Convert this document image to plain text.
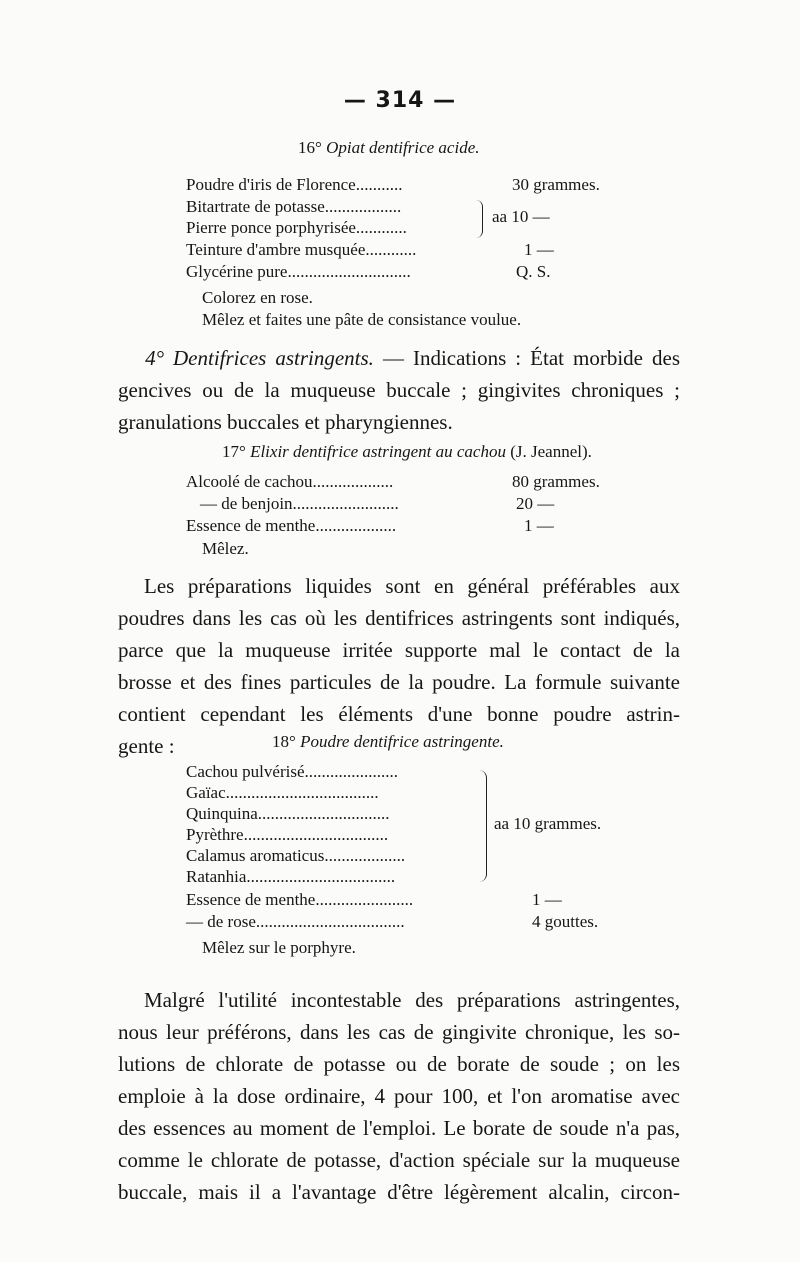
— 314 —
16° Opiat dentifrice acide.
Poudre d'iris de Florence...........	30 grammes.
Bitartrate de potasse..................
Pierre ponce porphyrisée............
aa 10 —
Teinture d'ambre musquée............	1 —
Glycérine pure.............................	Q. S.
Colorez en rose.
Mêlez et faites une pâte de consistance voulue.
4° Dentifrices astringents. — Indications : État morbide des
gencives ou de la muqueuse buccale ; gingivites chroniques ;
granulations buccales et pharyngiennes.
17° Elixir dentifrice astringent au cachou (J. Jeannel).
Alcoolé de cachou...................	80 grammes.
— de benjoin.........................	20 —
Essence de menthe...................	1 —
Mêlez.
Les préparations liquides sont en général préférables aux
poudres dans les cas où les dentifrices astringents sont indiqués,
parce que la muqueuse irritée supporte mal le contact de la
brosse et des fines particules de la poudre. La formule suivante
contient cependant les éléments d'une bonne poudre astrin-
gente :	18° Poudre dentifrice astringente.
Cachou pulvérisé......................
Gaïac....................................
Quinquina...............................
Pyrèthre..................................
Calamus aromaticus...................
Ratanhia...................................
aa 10 grammes.
Essence de menthe.......................	1 —
— de rose...................................	4 gouttes.
Mêlez sur le porphyre.
Malgré l'utilité incontestable des préparations astringentes,
nous leur préférons, dans les cas de gingivite chronique, les so-
lutions de chlorate de potasse ou de borate de soude ; on les
emploie à la dose ordinaire, 4 pour 100, et l'on aromatise avec
des essences au moment de l'emploi. Le borate de soude n'a pas,
comme le chlorate de potasse, d'action spéciale sur la muqueuse
buccale, mais il a l'avantage d'être légèrement alcalin, circon-
